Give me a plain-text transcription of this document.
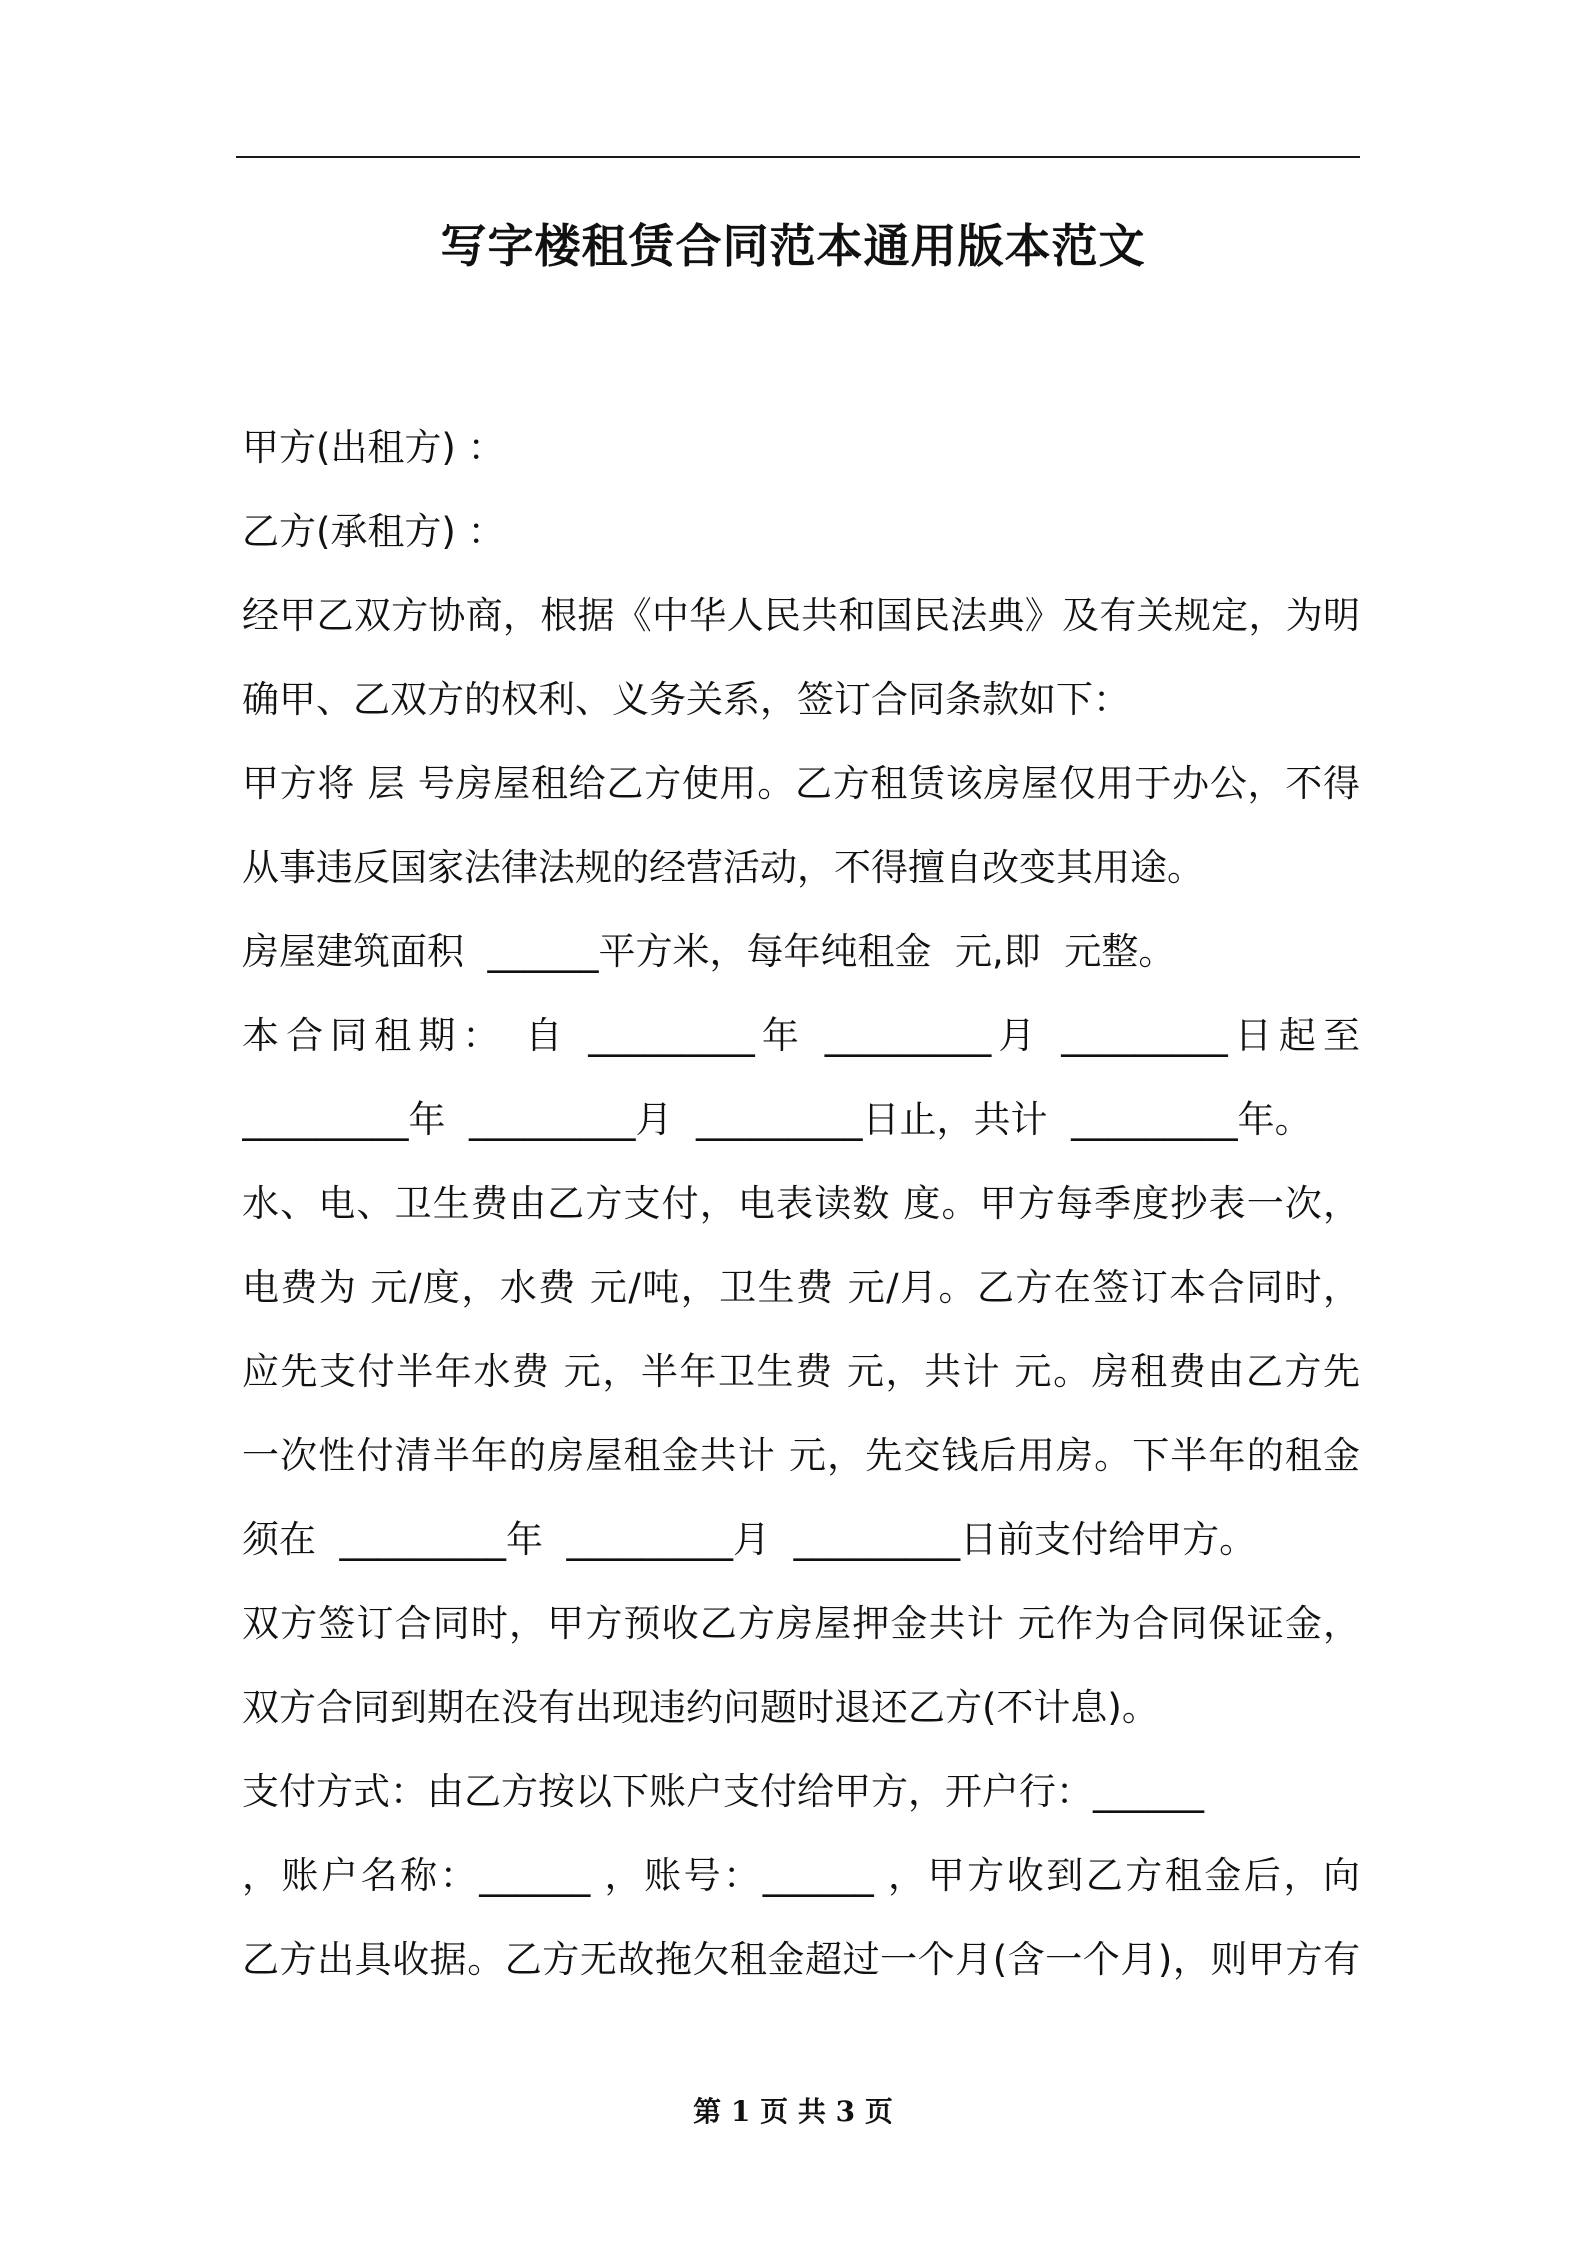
写字楼租赁合同范本通用版本范文
甲方(出租方) ：
乙方(承租方) ：
经甲乙双方协商，根据《中华人民共和国民法典》及有关规定，为明
确甲、乙双方的权利、义务关系，签订合同条款如下：
甲方将 层 号房屋租给乙方使用。乙方租赁该房屋仅用于办公，不得
从事违反国家法律法规的经营活动，不得擅自改变其用途。
房屋建筑面积  ______平方米，每年纯租金  元,即  元整。
本合同租期： 自 _________年 _________月 _________日起至
_________年  _________月  _________日止，共计  _________年。
水、电、卫生费由乙方支付，电表读数 度。甲方每季度抄表一次，
电费为 元/度，水费 元/吨，卫生费 元/月。乙方在签订本合同时，
应先支付半年水费 元，半年卫生费 元，共计 元。房租费由乙方先
一次性付清半年的房屋租金共计 元，先交钱后用房。下半年的租金
须在  _________年  _________月  _________日前支付给甲方。
双方签订合同时，甲方预收乙方房屋押金共计 元作为合同保证金，
双方合同到期在没有出现违约问题时退还乙方(不计息)。
支付方式：由乙方按以下账户支付给甲方，开户行：______
，账户名称：______ ，账号：______ ，甲方收到乙方租金后，向
乙方出具收据。乙方无故拖欠租金超过一个月(含一个月)，则甲方有
第 1 页 共 3 页
